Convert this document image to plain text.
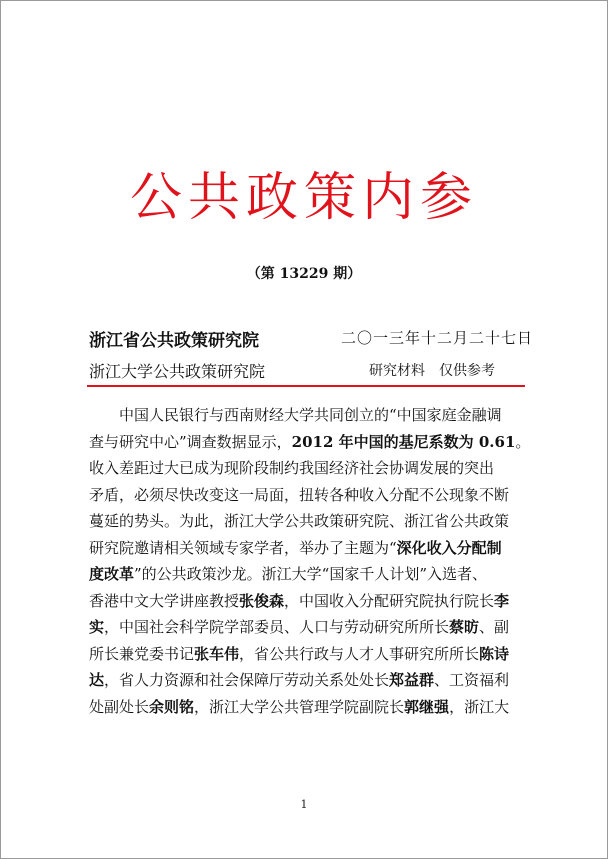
公共政策内参
（第 13229 期）
浙江省公共政策研究院	二〇一三年十二月二十七日
浙江大学公共政策研究院	研究材料　仅供参考
中国人民银行与西南财经大学共同创立的“中国家庭金融调
查与研究中心”调查数据显示，2012 年中国的基尼系数为 0.61。
收入差距过大已成为现阶段制约我国经济社会协调发展的突出
矛盾，必须尽快改变这一局面，扭转各种收入分配不公现象不断
蔓延的势头。为此，浙江大学公共政策研究院、浙江省公共政策
研究院邀请相关领域专家学者，举办了主题为“深化收入分配制
度改革”的公共政策沙龙。浙江大学“国家千人计划”入选者、
香港中文大学讲座教授张俊森，中国收入分配研究院执行院长李
实，中国社会科学院学部委员、人口与劳动研究所所长蔡昉、副
所长兼党委书记张车伟，省公共行政与人才人事研究所所长陈诗
达，省人力资源和社会保障厅劳动关系处处长郑益群、工资福利
处副处长余则铭，浙江大学公共管理学院副院长郭继强，浙江大
1
